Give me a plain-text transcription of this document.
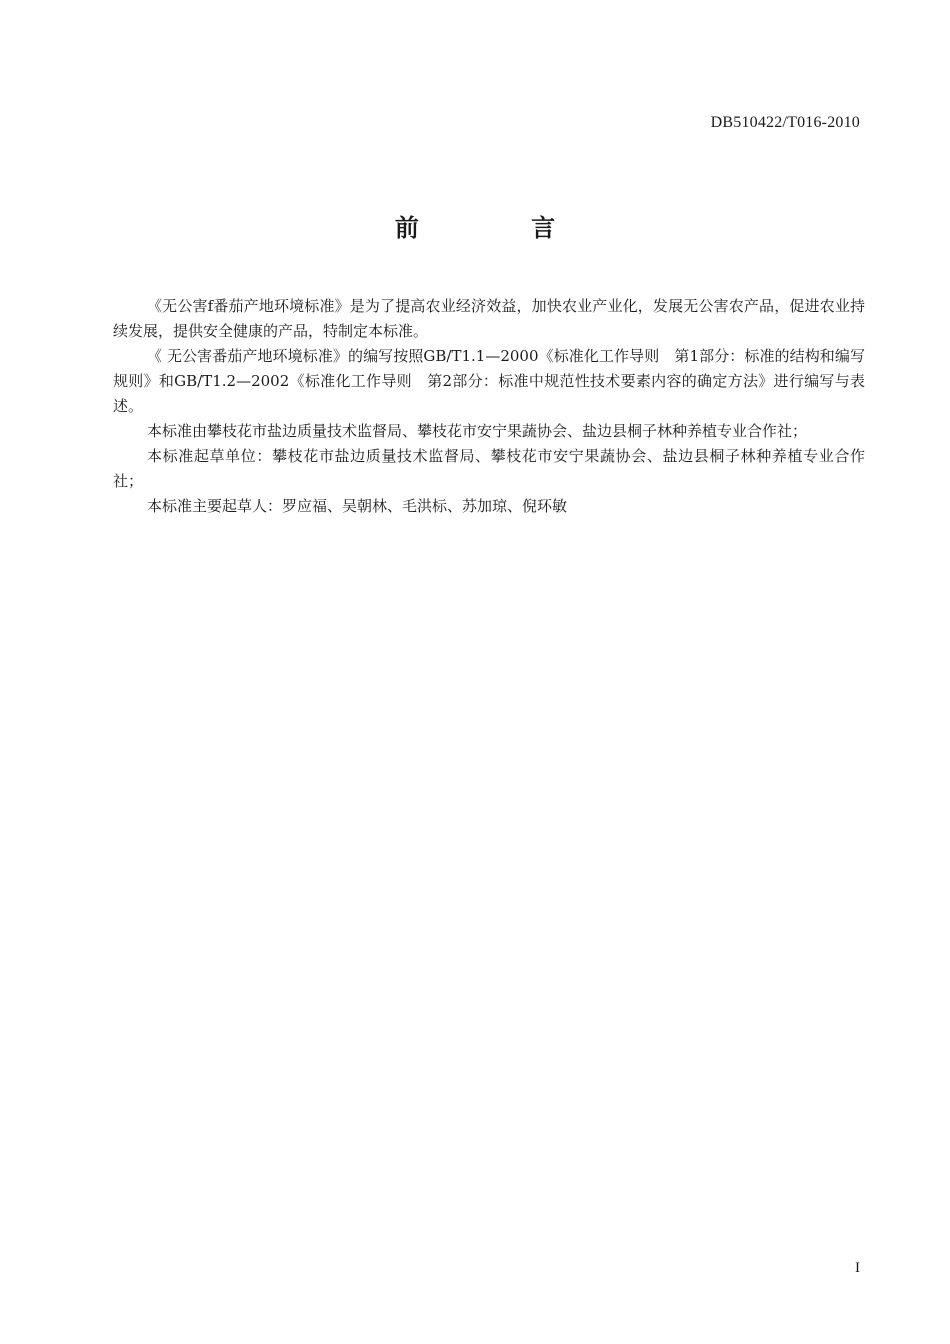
DB510422/T016-2010
前 言

《无公害f番茄产地环境标准》是为了提高农业经济效益，加快农业产业化，发展无公害农产品，促进农业持续发展，提供安全健康的产品，特制定本标准。

《 无公害番茄产地环境标准》的编写按照GB/T1.1—2000《标准化工作导则　第1部分：标准的结构和编写规则》和GB/T1.2—2002《标准化工作导则　第2部分：标准中规范性技术要素内容的确定方法》进行编写与表述。

本标准由攀枝花市盐边质量技术监督局、攀枝花市安宁果蔬协会、盐边县桐子林种养植专业合作社；

本标准起草单位：攀枝花市盐边质量技术监督局、攀枝花市安宁果蔬协会、盐边县桐子林种养植专业合作社；

本标准主要起草人：罗应福、吴朝林、毛洪标、苏加琼、倪环敏

I
